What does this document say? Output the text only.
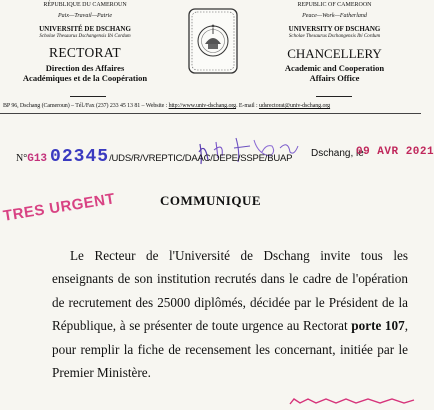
RÉPUBLIQUE DU CAMEROUN
Paix—Travail—Patrie
UNIVERSITÉ DE DSCHANG
Scholae Thesaurus Dschangensis Ibi Cordum
RECTORAT
Direction des Affaires
Académiques et de la Coopération
REPUBLIC OF CAMEROON
Peace—Work—Fatherland
UNIVERSITY OF DSCHANG
Scholae Thesaurus Dschangensis Ibi Cordum
CHANCELLERY
Academic and Cooperation
Affairs Office
BP 96, Dschang (Cameroun) – Tél./Fax (237) 233 45 13 81 – Website : http://www.univ-dschang.org. E-mail : udsrectorat@univ-dschang.org
Dschang, le
09 AVR 2021
N°G13 02345/UDS/R/VREPTIC/DAAC/DEPE/SSPE/BUAP
COMMUNIQUE
TRES URGENT
Le Recteur de l'Université de Dschang invite tous les enseignants de son institution recrutés dans le cadre de l'opération de recrutement des 25000 diplômés, décidée par le Président de la République, à se présenter de toute urgence au Rectorat porte 107, pour remplir la fiche de recensement les concernant, initiée par le Premier Ministère.
